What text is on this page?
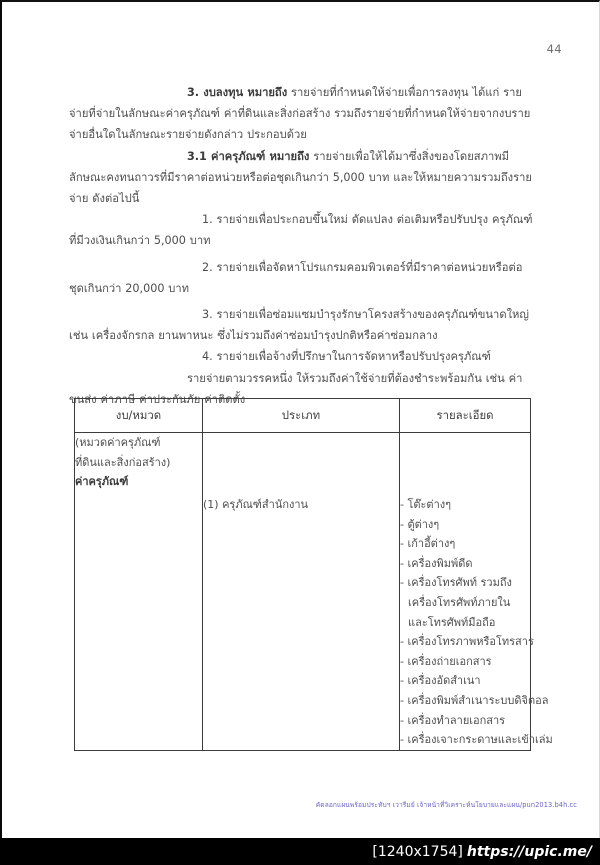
44

3. งบลงทุน หมายถึง รายจ่ายที่กำหนดให้จ่ายเพื่อการลงทุน ได้แก่ รายจ่ายที่จ่ายในลักษณะค่าครุภัณฑ์ ค่าที่ดินและสิ่งก่อสร้าง รวมถึงรายจ่ายที่กำหนดให้จ่ายจากงบรายจ่ายอื่นใดในลักษณะรายจ่ายดังกล่าว ประกอบด้วย

3.1 ค่าครุภัณฑ์ หมายถึง รายจ่ายเพื่อให้ได้มาซึ่งสิ่งของโดยสภาพมีลักษณะคงทนถาวรที่มีราคาต่อหน่วยหรือต่อชุดเกินกว่า 5,000 บาท และให้หมายความรวมถึงรายจ่าย ดังต่อไปนี้

1. รายจ่ายเพื่อประกอบขึ้นใหม่ ดัดแปลง ต่อเติมหรือปรับปรุง ครุภัณฑ์ที่มีวงเงินเกินกว่า 5,000 บาท

2. รายจ่ายเพื่อจัดหาโปรแกรมคอมพิวเตอร์ที่มีราคาต่อหน่วยหรือต่อชุดเกินกว่า 20,000 บาท

3. รายจ่ายเพื่อซ่อมแซมบำรุงรักษาโครงสร้างของครุภัณฑ์ขนาดใหญ่ เช่น เครื่องจักรกล ยานพาหนะ ซึ่งไม่รวมถึงค่าซ่อมบำรุงปกติหรือค่าซ่อมกลาง

4. รายจ่ายเพื่อจ้างที่ปรึกษาในการจัดหาหรือปรับปรุงครุภัณฑ์

รายจ่ายตามวรรคหนึ่ง ให้รวมถึงค่าใช้จ่ายที่ต้องชำระพร้อมกัน เช่น ค่าขนส่ง ค่าภาษี ค่าประกันภัย ค่าติดตั้ง

งบ/หมวด	ประเภท	รายละเอียด

(หมวดค่าครุภัณฑ์
ที่ดินและสิ่งก่อสร้าง)
ค่าครุภัณฑ์

(1) ครุภัณฑ์สำนักงาน	- โต๊ะต่างๆ
- ตู้ต่างๆ
- เก้าอี้ต่างๆ
- เครื่องพิมพ์ดีด
- เครื่องโทรศัพท์ รวมถึง
เครื่องโทรศัพท์ภายใน
และโทรศัพท์มือถือ
- เครื่องโทรภาพหรือโทรสาร
- เครื่องถ่ายเอกสาร
- เครื่องอัดสำเนา
- เครื่องพิมพ์สำเนาระบบดิจิตอล
- เครื่องทำลายเอกสาร
- เครื่องเจาะกระดาษและเข้าเล่ม
คัดลอกแผนพร้อมประทับฯ เวารีมย์ เจ้าหน้าที่วิเคราะห์นโยบายและแผน/pun2013.b4h.cc
[1240x1754] https://upic.me/
